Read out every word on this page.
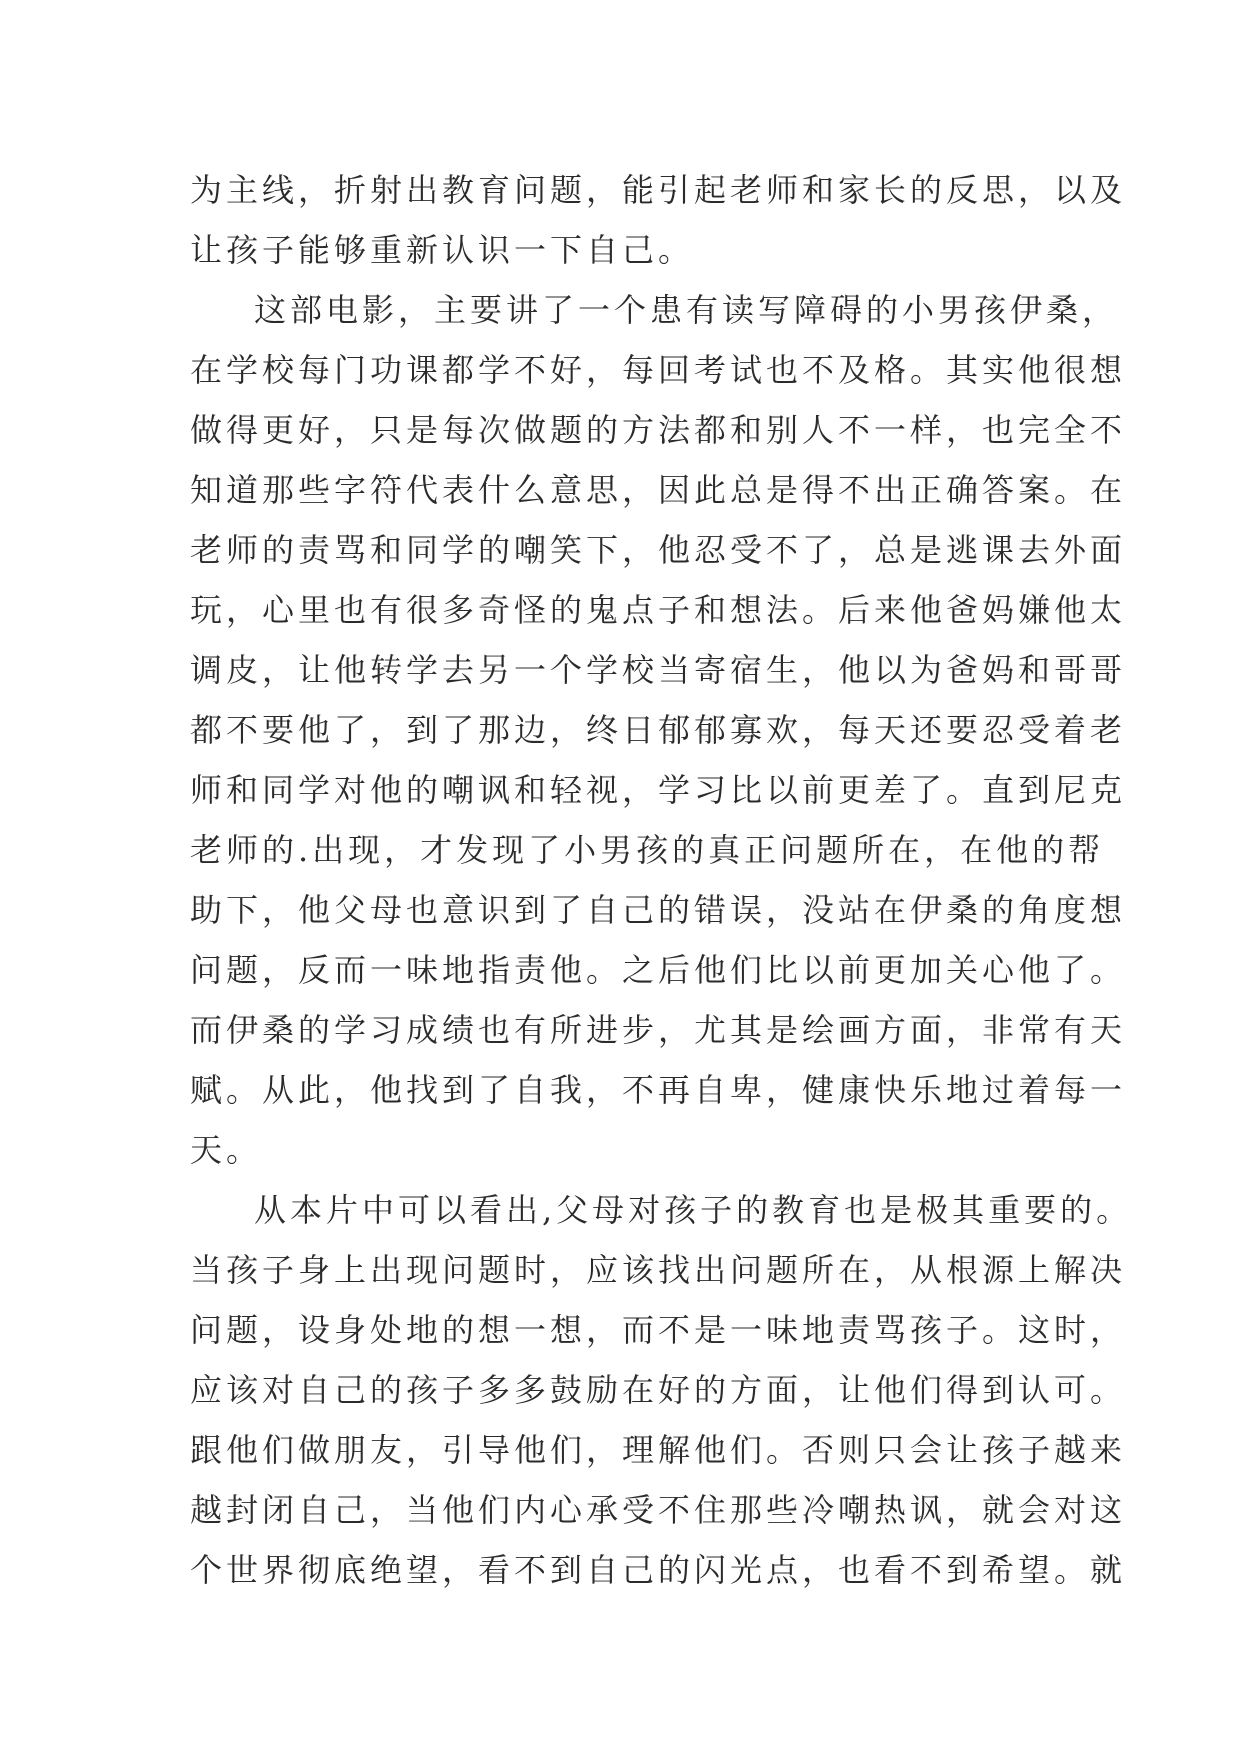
为主线，折射出教育问题，能引起老师和家长的反思，以及
让孩子能够重新认识一下自己。
这部电影，主要讲了一个患有读写障碍的小男孩伊桑，
在学校每门功课都学不好，每回考试也不及格。其实他很想
做得更好，只是每次做题的方法都和别人不一样，也完全不
知道那些字符代表什么意思，因此总是得不出正确答案。在
老师的责骂和同学的嘲笑下，他忍受不了，总是逃课去外面
玩，心里也有很多奇怪的鬼点子和想法。后来他爸妈嫌他太
调皮，让他转学去另一个学校当寄宿生，他以为爸妈和哥哥
都不要他了，到了那边，终日郁郁寡欢，每天还要忍受着老
师和同学对他的嘲讽和轻视，学习比以前更差了。直到尼克
老师的.出现，才发现了小男孩的真正问题所在，在他的帮
助下，他父母也意识到了自己的错误，没站在伊桑的角度想
问题，反而一味地指责他。之后他们比以前更加关心他了。
而伊桑的学习成绩也有所进步，尤其是绘画方面，非常有天
赋。从此，他找到了自我，不再自卑，健康快乐地过着每一
天。
从本片中可以看出,父母对孩子的教育也是极其重要的。
当孩子身上出现问题时，应该找出问题所在，从根源上解决
问题，设身处地的想一想，而不是一味地责骂孩子。这时，
应该对自己的孩子多多鼓励在好的方面，让他们得到认可。
跟他们做朋友，引导他们，理解他们。否则只会让孩子越来
越封闭自己，当他们内心承受不住那些冷嘲热讽，就会对这
个世界彻底绝望，看不到自己的闪光点，也看不到希望。就
